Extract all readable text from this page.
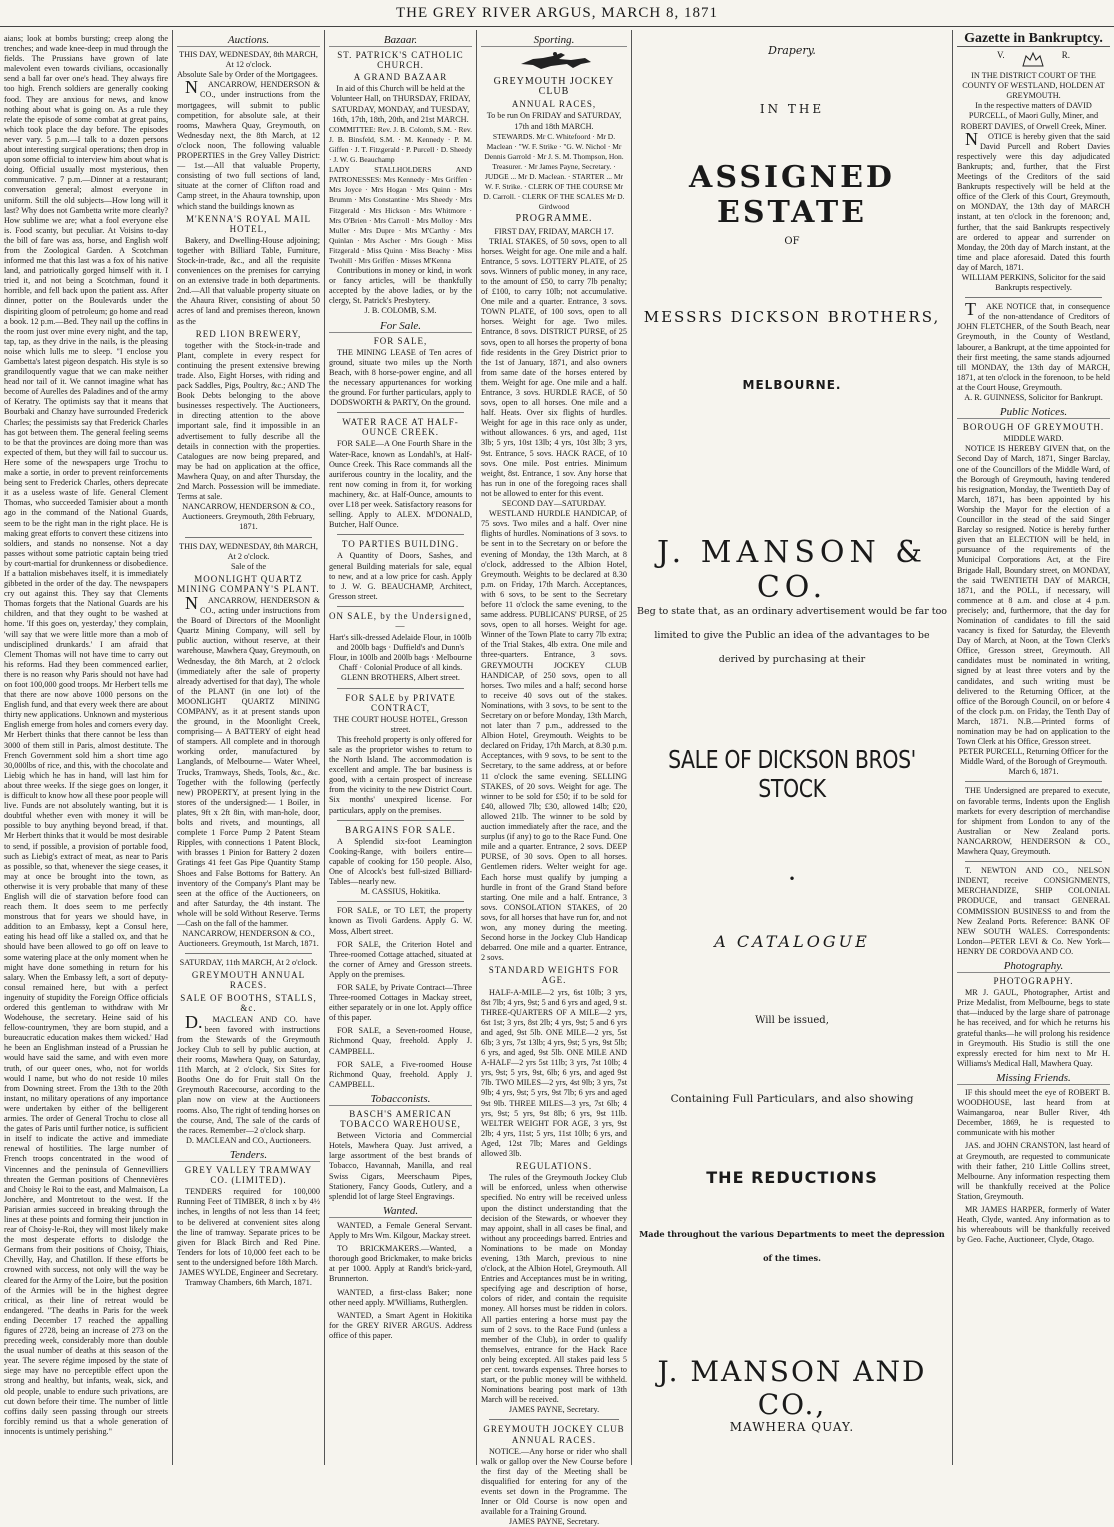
THE GREY RIVER ARGUS, MARCH 8, 1871
aians; look at bombs bursting; creep along the trenches; and wade knee-deep in mud through the fields. The Prussians have grown of late malevolent even towards civilians, occasionally send a ball far over one's head. They always fire too high. French soldiers are generally cooking food. They are anxious for news, and know nothing about what is going on. As a rule they relate the episode of some combat at great pains, which took place the day before. The episodes never vary. 5 p.m.—I talk to a dozen persons about interesting surgical operations; then drop in upon some official to interview him about what is doing. Official usually most mysterious, then communicative. 7 p.m.—Dinner at a restaurant; conversation general; almost everyone in uniform. Still the old subjects—How long will it last? Why does not Gambetta write more clearly? How sublime we are; what a fool everyone else is. Food scanty, but peculiar. At Voisins to-day the bill of fare was ass, horse, and English wolf from the Zoological Garden. A Scotchman informed me that this last was a fox of his native land, and patriotically gorged himself with it. I tried it, and not being a Scotchman, found it horrible, and fell back upon the patient ass. After dinner, potter on the Boulevards under the dispiriting gloom of petroleum; go home and read a book. 12 p.m.—Bed. They nail up the coffins in the room just over mine every night, and the tap, tap, tap, as they drive in the nails, is the pleasing noise which lulls me to sleep. "I enclose you Gambetta's latest pigeon despatch. His style is so grandiloquently vague that we can make neither head nor tail of it. We cannot imagine what has become of Aurelles des Paladines and of the army of Keratry. The optimists say that it means that Bourbaki and Chanzy have surrounded Frederick Charles; the pessimists say that Frederick Charles has got between them. The general feeling seems to be that the provinces are doing more than was expected of them, but they will fail to succour us. Here some of the newspapers urge Trochu to make a sortie, in order to prevent reinforcements being sent to Frederick Charles, others deprecate it as a useless waste of life. General Clement Thomas, who succeeded Tamisier about a month ago in the command of the National Guards, seem to be the right man in the right place. He is making great efforts to convert these citizens into soldiers, and stands no nonsense. Not a day passes without some patriotic captain being tried by court-martial for drunkenness or disobedience. If a battalion misbehaves itself, it is immediately gibbeted in the order of the day. The newspapers cry out against this. They say that Clements Thomas forgets that the National Guards are his children, and that they ought to be washed at home. 'If this goes on, yesterday,' they complain, 'will say that we were little more than a mob of undisciplined drunkards.' I am afraid that Clement Thomas will not have time to carry out his reforms. Had they been commenced earlier, there is no reason why Paris should not have had on foot 100,000 good troops. Mr Herbert tells me that there are now above 1000 persons on the English fund, and that every week there are about thirty new applications. Unknown and mysterious English emerge from holes and corners every day. Mr Herbert thinks that there cannot be less than 3000 of them still in Paris, almost destitute. The French Government sold him a short time ago 30,000lbs of rice, and this, with the chocolate and Liebig which he has in hand, will last him for about three weeks. If the siege goes on longer, it is difficult to know how all these poor people will live. Funds are not absolutely wanting, but it is doubtful whether even with money it will be possible to buy anything beyond bread, if that. Mr Herbert thinks that it would be most desirable to send, if possible, a provision of portable food, such as Liebig's extract of meat, as near to Paris as possible, so that, whenever the siege ceases, it may at once be brought into the town, as otherwise it is very probable that many of these English will die of starvation before food can reach them. It does seem to me perfectly monstrous that for years we should have, in addition to an Embassy, kept a Consul here, eating his head off like a stalled ox, and that he should have been allowed to go off on leave to some watering place at the only moment when he might have done something in return for his salary. When the Embassy left, a sort of deputy-consul remained here, but with a perfect ingenuity of stupidity the Foreign Office officials ordered this gentleman to withdraw with Mr Wodehouse, the secretary. Heine said of his fellow-countrymen, 'they are born stupid, and a bureaucratic education makes them wicked.' Had he been an Englishman instead of a Prussian he would have said the same, and with even more truth, of our queer ones, who, not for worlds would I name, but who do not reside 10 miles from Downing street. From the 13th to the 20th instant, no military operations of any importance were undertaken by either of the belligerent armies. The order of General Trochu to close all the gates of Paris until further notice, is sufficient in itself to indicate the active and immediate renewal of hostilities. The large number of French troops concentrated in the wood of Vincennes and the peninsula of Gennevilliers threaten the German positions of Chennevières and Choisy le Roi to the east, and Malmaison, La Jonchère, and Montretout to the west. If the Parisian armies succeed in breaking through the lines at these points and forming their junction in rear of Choisy-le-Roi, they will most likely make the most desperate efforts to dislodge the Germans from their positions of Choisy, Thiais, Chevilly, Hay, and Chatillon. If these efforts be crowned with success, not only will the way be cleared for the Army of the Loire, but the position of the Armies will be in the highest degree critical, as their line of retreat would be endangered. "The deaths in Paris for the week ending December 17 reached the appalling figures of 2728, being an increase of 273 on the preceding week, considerably more than double the usual number of deaths at this season of the year. The severe régime imposed by the state of siege may have no perceptible effect upon the strong and healthy, but infants, weak, sick, and old people, unable to endure such privations, are cut down before their time. The number of little coffins daily seen passing through our streets forcibly remind us that a whole generation of innocents is untimely perishing."
Auctions.
THIS DAY, WEDNESDAY, 8th MARCH, At 12 o'clock.
Absolute Sale by Order of the Mortgagees.
NANCARROW, HENDERSON & CO., under instructions from the mortgagees, will submit to public competition, for absolute sale, at their rooms, Mawhera Quay, Greymouth, on Wednesday next, the 8th March, at 12 o'clock noon, The following valuable PROPERTIES in the Grey Valley District:— 1st.—All that valuable Property, consisting of two full sections of land, situate at the corner of Clifton road and Camp street, in the Ahaura township, upon which stand the buildings known as
M'KENNA'S ROYAL MAIL HOTEL,
Bakery, and Dwelling-House adjoining; together with Billiard Table, Furniture, Stock-in-trade, &c., and all the requisite conveniences on the premises for carrying on an extensive trade in both departments. 2nd.—All that valuable property situate on the Ahaura River, consisting of about 50 acres of land and premises thereon, known as the
RED LION BREWERY,
together with the Stock-in-trade and Plant, complete in every respect for continuing the present extensive brewing trade. Also, Eight Horses, with riding and pack Saddles, Pigs, Poultry, &c.; AND The Book Debts belonging to the above businesses respectively. The Auctioneers, in directing attention to the above important sale, find it impossible in an advertisement to fully describe all the details in connection with the properties. Catalogues are now being prepared, and may be had on application at the office, Mawhera Quay, on and after Thursday, the 2nd March. Possession will be immediate. Terms at sale.
NANCARROW, HENDERSON & CO., Auctioneers. Greymouth, 28th February, 1871.
THIS DAY, WEDNESDAY, 8th MARCH, At 2 o'clock.
Sale of the
MOONLIGHT QUARTZ MINING COMPANY'S PLANT.
NANCARROW, HENDERSON & CO., acting under instructions from the Board of Directors of the Moonlight Quartz Mining Company, will sell by public auction, without reserve, at their warehouse, Mawhera Quay, Greymouth, on Wednesday, the 8th March, at 2 o'clock (immediately after the sale of property already advertised for that day), The whole of the PLANT (in one lot) of the MOONLIGHT QUARTZ MINING COMPANY, as it at present stands upon the ground, in the Moonlight Creek, comprising— A BATTERY of eight head of stampers. All complete and in thorough working order, manufactured by Langlands, of Melbourne— Water Wheel, Trucks, Tramways, Sheds, Tools, &c., &c. Together with the following (perfectly new) PROPERTY, at present lying in the stores of the undersigned:— 1 Boiler, in plates, 9ft x 2ft 8in, with man-hole, door, bolts and rivets, and mountings, all complete 1 Force Pump 2 Patent Steam Ripples, with connections 1 Patent Block, with brasses 1 Pinion for Battery 2 dozen Gratings 41 feet Gas Pipe Quantity Stamp Shoes and False Bottoms for Battery. An inventory of the Company's Plant may be seen at the office of the Auctioneers, on and after Saturday, the 4th instant. The whole will be sold Without Reserve. Terms—Cash on the fall of the hammer.
NANCARROW, HENDERSON & CO., Auctioneers. Greymouth, 1st March, 1871.
SATURDAY, 11th MARCH, At 2 o'clock.
GREYMOUTH ANNUAL RACES.
SALE OF BOOTHS, STALLS, &c.
D.MACLEAN AND CO. have been favored with instructions from the Stewards of the Greymouth Jockey Club to sell by public auction, at their rooms, Mawhera Quay, on Saturday, 11th March, at 2 o'clock, Six Sites for Booths One do for Fruit stall On the Greymouth Racecourse, according to the plan now on view at the Auctioneers rooms. Also, The right of tending horses on the course, And, The sale of the cards of the races. Remember—2 o'clock sharp.
D. MACLEAN and CO., Auctioneers.
Tenders.
GREY VALLEY TRAMWAY CO. (LIMITED).
TENDERS required for 100,000 Running Feet of TIMBER, 8 inch x by 4½ inches, in lengths of not less than 14 feet; to be delivered at convenient sites along the line of tramway. Separate prices to be given for Black Birch and Red Pine. Tenders for lots of 10,000 feet each to be sent to the undersigned before 18th March.
JAMES WYLDE, Engineer and Secretary. Tramway Chambers, 6th March, 1871.
Bazaar.
ST. PATRICK'S CATHOLIC CHURCH.
A GRAND BAZAAR
In aid of this Church will be held at the Volunteer Hall, on THURSDAY, FRIDAY, SATURDAY, MONDAY, and TUESDAY, 16th, 17th, 18th, 20th, and 21st MARCH.
COMMITTEE: Rev. J. B. Colomb, S.M. · Rev. J. B. Binsfeld, S.M. · M. Kennedy · P. M. Giffen · J. T. Fitzgerald · P. Purcell · D. Sheedy · J. W. G. Beauchamp
LADY STALLHOLDERS AND PATRONESSES: Mrs Kennedy · Mrs Griffen · Mrs Joyce · Mrs Hogan · Mrs Quinn · Mrs Brumm · Mrs Constantine · Mrs Sheedy · Mrs Fitzgerald · Mrs Hickson · Mrs Whitmore · Mrs O'Brien · Mrs Carroll · Mrs Molloy · Mrs Muller · Mrs Dupre · Mrs M'Carthy · Mrs Quinlan · Mrs Ascher · Mrs Gough · Miss Fitzgerald · Miss Quinn · Miss Beachy · Miss Twohill · Mrs Griffen · Misses M'Kenna
Contributions in money or kind, in work or fancy articles, will be thankfully accepted by the above ladies, or by the clergy, St. Patrick's Presbytery.
J. B. COLOMB, S.M.
For Sale.
FOR SALE,
THE MINING LEASE of Ten acres of ground, situate two miles up the North Beach, with 8 horse-power engine, and all the necessary appurtenances for working the ground. For further particulars, apply to
DODSWORTH & PARTY, On the ground.
WATER RACE AT HALF-OUNCE CREEK.
FOR SALE—A One Fourth Share in the Water-Race, known as Londahl's, at Half-Ounce Creek. This Race commands all the auriferous country in the locality, and the rent now coming in from it, for working machinery, &c. at Half-Ounce, amounts to over L18 per week. Satisfactory reasons for selling. Apply to ALEX. M'DONALD, Butcher, Half Ounce.
TO PARTIES BUILDING.
A Quantity of Doors, Sashes, and general Building materials for sale, equal to new, and at a low price for cash. Apply to J. W. G. BEAUCHAMP, Architect, Gresson street.
ON SALE, by the Undersigned,—
Hart's silk-dressed Adelaide Flour, in 100lb and 200lb bags · Duffield's and Dunn's Flour, in 100lb and 200lb bags · Melbourne Chaff · Colonial Produce of all kinds.
GLENN BROTHERS, Albert street.
FOR SALE by PRIVATE CONTRACT,
THE COURT HOUSE HOTEL, Gresson street.
This freehold property is only offered for sale as the proprietor wishes to return to the North Island. The accommodation is excellent and ample. The bar business is good, with a certain prospect of increase from the vicinity to the new District Court. Six months' unexpired license. For particulars, apply on the premises.
BARGAINS FOR SALE.
A Splendid six-foot Leamington Cooking-Range, with boilers entire—capable of cooking for 150 people. Also, One of Alcock's best full-sized Billiard-Tables—nearly new.
M. CASSIUS, Hokitika.
FOR SALE, or TO LET, the property known as Tivoli Gardens. Apply G. W. Moss, Albert street.
FOR SALE, the Criterion Hotel and Three-roomed Cottage attached, situated at the corner of Arney and Gresson streets. Apply on the premises.
FOR SALE, by Private Contract—Three Three-roomed Cottages in Mackay street, either separately or in one lot. Apply office of this paper.
FOR SALE, a Seven-roomed House, Richmond Quay, freehold. Apply J. CAMPBELL.
FOR SALE, a Five-roomed House Richmond Quay, freehold. Apply J. CAMPBELL.
Tobacconists.
BASCH'S AMERICAN TOBACCO WAREHOUSE,
Between Victoria and Commercial Hotels, Mawhera Quay. Just arrived, a large assortment of the best brands of Tobacco, Havannah, Manilla, and real Swiss Cigars, Meerschaum Pipes, Stationery, Fancy Goods, Cutlery, and a splendid lot of large Steel Engravings.
Wanted.
WANTED, a Female General Servant. Apply to Mrs Wm. Kilgour, Mackay street.
TO BRICKMAKERS.—Wanted, a thorough good Brickmaker, to make bricks at per 1000. Apply at Randt's brick-yard, Brunnerton.
WANTED, a first-class Baker; none other need apply. M'Williams, Rutherglen.
WANTED, a Smart Agent in Hokitika for the GREY RIVER ARGUS. Address office of this paper.
Sporting.
GREYMOUTH JOCKEY CLUB
ANNUAL RACES,
To be run On FRIDAY and SATURDAY, 17th and 18th MARCH.
STEWARDS. Mr C. Whitefoord · Mr D. Maclean · "W. F. Strike · "G. W. Nichol · Mr Dennis Garrold · Mr J. S. M. Thompson, Hon. Treasurer. · Mr James Payne, Secretary. · JUDGE ... Mr D. Maclean. · STARTER ... Mr W. F. Strike. · CLERK OF THE COURSE Mr D. Carroll. · CLERK OF THE SCALES Mr D. Girdwood
PROGRAMME.
FIRST DAY, FRIDAY, MARCH 17.
TRIAL STAKES, of 50 sovs, open to all horses. Weight for age. One mile and a half. Entrance, 5 sovs. LOTTERY PLATE, of 25 sovs. Winners of public money, in any race, to the amount of £50, to carry 7lb penalty; of £100, to carry 10lb; not accumulative. One mile and a quarter. Entrance, 3 sovs. TOWN PLATE, of 100 sovs, open to all horses. Weight for age. Two miles. Entrance, 8 sovs. DISTRICT PURSE, of 25 sovs, open to all horses the property of bona fide residents in the Grey District prior to the 1st of January, 1871, and also owners from same date of the horses entered by them. Weight for age. One mile and a half. Entrance, 3 sovs. HURDLE RACE, of 50 sovs, open to all horses. One mile and a half. Heats. Over six flights of hurdles. Weight for age in this race only as under, without allowances. 6 yrs, and aged, 11st 3lb; 5 yrs, 10st 13lb; 4 yrs, 10st 3lb; 3 yrs, 9st. Entrance, 5 sovs. HACK RACE, of 10 sovs. One mile. Post entries. Minimum weight, 8st. Entrance, 1 sov. Any horse that has run in one of the foregoing races shall not be allowed to enter for this event.
SECOND DAY—SATURDAY.
WESTLAND HURDLE HANDICAP, of 75 sovs. Two miles and a half. Over nine flights of hurdles. Nominations of 3 sovs. to be sent in to the Secretary on or before the evening of Monday, the 13th March, at 8 o'clock, addressed to the Albion Hotel, Greymouth. Weights to be declared at 8.30 p.m. on Friday, 17th March. Acceptances, with 6 sovs, to be sent to the Secretary before 11 o'clock the same evening, to the same address. PUBLICANS' PURSE, of 25 sovs, open to all horses. Weight for age. Winner of the Town Plate to carry 7lb extra; of the Trial Stakes, 4lb extra. One mile and three-quarters. Entrance, 3 sovs. GREYMOUTH JOCKEY CLUB HANDICAP, of 250 sovs, open to all horses. Two miles and a half; second horse to receive 40 sovs out of the stakes. Nominations, with 3 sovs, to be sent to the Secretary on or before Monday, 13th March, not later than 7 p.m., addressed to the Albion Hotel, Greymouth. Weights to be declared on Friday, 17th March, at 8.30 p.m. Acceptances, with 9 sovs, to be sent to the Secretary, to the same address, at or before 11 o'clock the same evening. SELLING STAKES, of 20 sovs. Weight for age. The winner to be sold for £50; if to be sold for £40, allowed 7lb; £30, allowed 14lb; £20, allowed 21lb. The winner to be sold by auction immediately after the race, and the surplus (if any) to go to the Race Fund. One mile and a quarter. Entrance, 2 sovs. DEEP PURSE, of 30 sovs. Open to all horses. Gentlemen riders. Welter weight for age. Each horse must qualify by jumping a hurdle in front of the Grand Stand before starting. One mile and a half. Entrance, 3 sovs. CONSOLATION STAKES, of 20 sovs, for all horses that have run for, and not won, any money during the meeting. Second horse in the Jockey Club Handicap debarred. One mile and a quarter. Entrance, 2 sovs.
STANDARD WEIGHTS FOR AGE.
HALF-A-MILE—2 yrs, 6st 10lb; 3 yrs, 8st 7lb; 4 yrs, 9st; 5 and 6 yrs and aged, 9 st. THREE-QUARTERS OF A MILE—2 yrs, 6st 1st; 3 yrs, 8st 2lb; 4 yrs, 9st; 5 and 6 yrs and aged, 9st 5lb. ONE MILE—2 yrs, 5st 6lb; 3 yrs, 7st 13lb; 4 yrs, 9st; 5 yrs, 9st 5lb; 6 yrs, and aged, 9st 5lb. ONE MILE AND A-HALF—2 yrs 5st 11lb; 3 yrs, 7st 10lb; 4 yrs, 9st; 5 yrs, 9st, 6lb; 6 yrs, and aged 9st 7lb. TWO MILES—2 yrs, 4st 9lb; 3 yrs, 7st 9lb; 4 yrs, 9st; 5 yrs, 9st 7lb; 6 yrs and aged 9st 9lb. THREE MILES—3 yrs, 7st 6lb; 4 yrs, 9st; 5 yrs, 9st 8lb; 6 yrs, 9st 11lb. WELTER WEIGHT FOR AGE, 3 yrs, 9st 2lb; 4 yrs, 11st; 5 yrs, 11st 10lb; 6 yrs, and Aged, 12st 7lb; Mares and Geldings allowed 3lb.
REGULATIONS.
The rules of the Greymouth Jockey Club will be enforced, unless when otherwise specified. No entry will be received unless upon the distinct understanding that the decision of the Stewards, or whoever they may appoint, shall in all cases be final, and without any proceedings barred. Entries and Nominations to be made on Monday evening, 13th March, previous to nine o'clock, at the Albion Hotel, Greymouth. All Entries and Acceptances must be in writing, specifying age and description of horse, colors of rider, and contain the requisite money. All horses must be ridden in colors. All parties entering a horse must pay the sum of 2 sovs. to the Race Fund (unless a member of the Club), in order to qualify themselves, entrance for the Hack Race only being excepted. All stakes paid less 5 per cent. towards expenses. Three horses to start, or the public money will be withheld. Nominations bearing post mark of 13th March will be received.
JAMES PAYNE, Secretary.
GREYMOUTH JOCKEY CLUB ANNUAL RACES.
NOTICE.—Any horse or rider who shall walk or gallop over the New Course before the first day of the Meeting shall be disqualified for entering for any of the events set down in the Programme. The Inner or Old Course is now open and available for a Training Ground.
JAMES PAYNE, Secretary.
Drapery.
IN THE
ASSIGNED ESTATE
OF
MESSRS DICKSON BROTHERS,
MELBOURNE.
J. MANSON & CO.
Beg to state that, as an ordinary advertisement would be far too limited to give the Public an idea of the advantages to be derived by purchasing at their
SALE OF DICKSON BROS' STOCK
•
A CATALOGUE
Will be issued,
Containing Full Particulars, and also showing
THE REDUCTIONS
Made throughout the various Departments to meet the depression of the times.
J. MANSON AND CO.,
MAWHERA QUAY.
Gazette in Bankruptcy.
V.	R.
IN THE DISTRICT COURT OF THE COUNTY OF WESTLAND, HOLDEN AT GREYMOUTH.
In the respective matters of DAVID PURCELL, of Maori Gully, Miner, and ROBERT DAVIES, of Orwell Creek, Miner.
NOTICE is hereby given that the said David Purcell and Robert Davies respectively were this day adjudicated Bankrupts; and, further, that the First Meetings of the Creditors of the said Bankrupts respectively will be held at the office of the Clerk of this Court, Greymouth, on MONDAY, the 13th day of MARCH instant, at ten o'clock in the forenoon; and, further, that the said Bankrupts respectively are ordered to appear and surrender on Monday, the 20th day of March instant, at the time and place aforesaid. Dated this fourth day of March, 1871.
WILLIAM PERKINS, Solicitor for the said Bankrupts respectively.
TAKE NOTICE that, in consequence of the non-attendance of Creditors of JOHN FLETCHER, of the South Beach, near Greymouth, in the County of Westland, labourer, a Bankrupt, at the time appointed for their first meeting, the same stands adjourned till MONDAY, the 13th day of MARCH, 1871, at ten o'clock in the forenoon, to be held at the Court House, Greymouth.
A. R. GUINNESS, Solicitor for Bankrupt.
Public Notices.
BOROUGH OF GREYMOUTH.
MIDDLE WARD.
NOTICE IS HEREBY GIVEN that, on the Second Day of March, 1871, Singer Barclay, one of the Councillors of the Middle Ward, of the Borough of Greymouth, having tendered his resignation, Monday, the Twentieth Day of March, 1871, has been appointed by his Worship the Mayor for the election of a Councillor in the stead of the said Singer Barclay so resigned. Notice is hereby further given that an ELECTION will be held, in pursuance of the requirements of the Municipal Corporations Act, at the Fire Brigade Hall, Boundary street, on MONDAY, the said TWENTIETH DAY of MARCH, 1871, and the POLL, if necessary, will commence at 8 a.m. and close at 4 p.m. precisely; and, furthermore, that the day for Nomination of candidates to fill the said vacancy is fixed for Saturday, the Eleventh Day of March, at Noon, at the Town Clerk's Office, Gresson street, Greymouth. All candidates must be nominated in writing, signed by at least three voters and by the candidates, and such writing must be delivered to the Returning Officer, at the office of the Borough Council, on or before 4 of the clock p.m. on Friday, the Tenth Day of March, 1871. N.B.—Printed forms of nomination may be had on application to the Town Clerk at his Office, Gresson street.
PETER PURCELL, Returning Officer for the Middle Ward, of the Borough of Greymouth. March 6, 1871.
THE Undersigned are prepared to execute, on favorable terms, Indents upon the English markets for every description of merchandise for shipment from London to any of the Australian or New Zealand ports. NANCARROW, HENDERSON & CO., Mawhera Quay, Greymouth.
T. NEWTON AND CO., NELSON INDENT, receive CONSIGNMENTS, MERCHANDIZE, SHIP COLONIAL PRODUCE, and transact GENERAL COMMISSION BUSINESS to and from the New Zealand Ports. Reference: BANK OF NEW SOUTH WALES. Correspondents: London—PETER LEVI & Co. New York—HENRY DE CORDOVA AND CO.
Photography.
PHOTOGRAPHY.
MR J. GAUL, Photographer, Artist and Prize Medalist, from Melbourne, begs to state that—induced by the large share of patronage he has received, and for which he returns his grateful thanks—he will prolong his residence in Greymouth. His Studio is still the one expressly erected for him next to Mr H. Williams's Medical Hall, Mawhera Quay.
Missing Friends.
IF this should meet the eye of ROBERT B. WOODHOUSE, last heard from at Waimangaroa, near Buller River, 4th December, 1869, he is requested to communicate with his mother
JAS. and JOHN CRANSTON, last heard of at Greymouth, are requested to communicate with their father, 210 Little Collins street, Melbourne. Any information respecting them will be thankfully received at the Police Station, Greymouth.
MR JAMES HARPER, formerly of Water Heath, Clyde, wanted. Any information as to his whereabouts will be thankfully received by Geo. Fache, Auctioneer, Clyde, Otago.
